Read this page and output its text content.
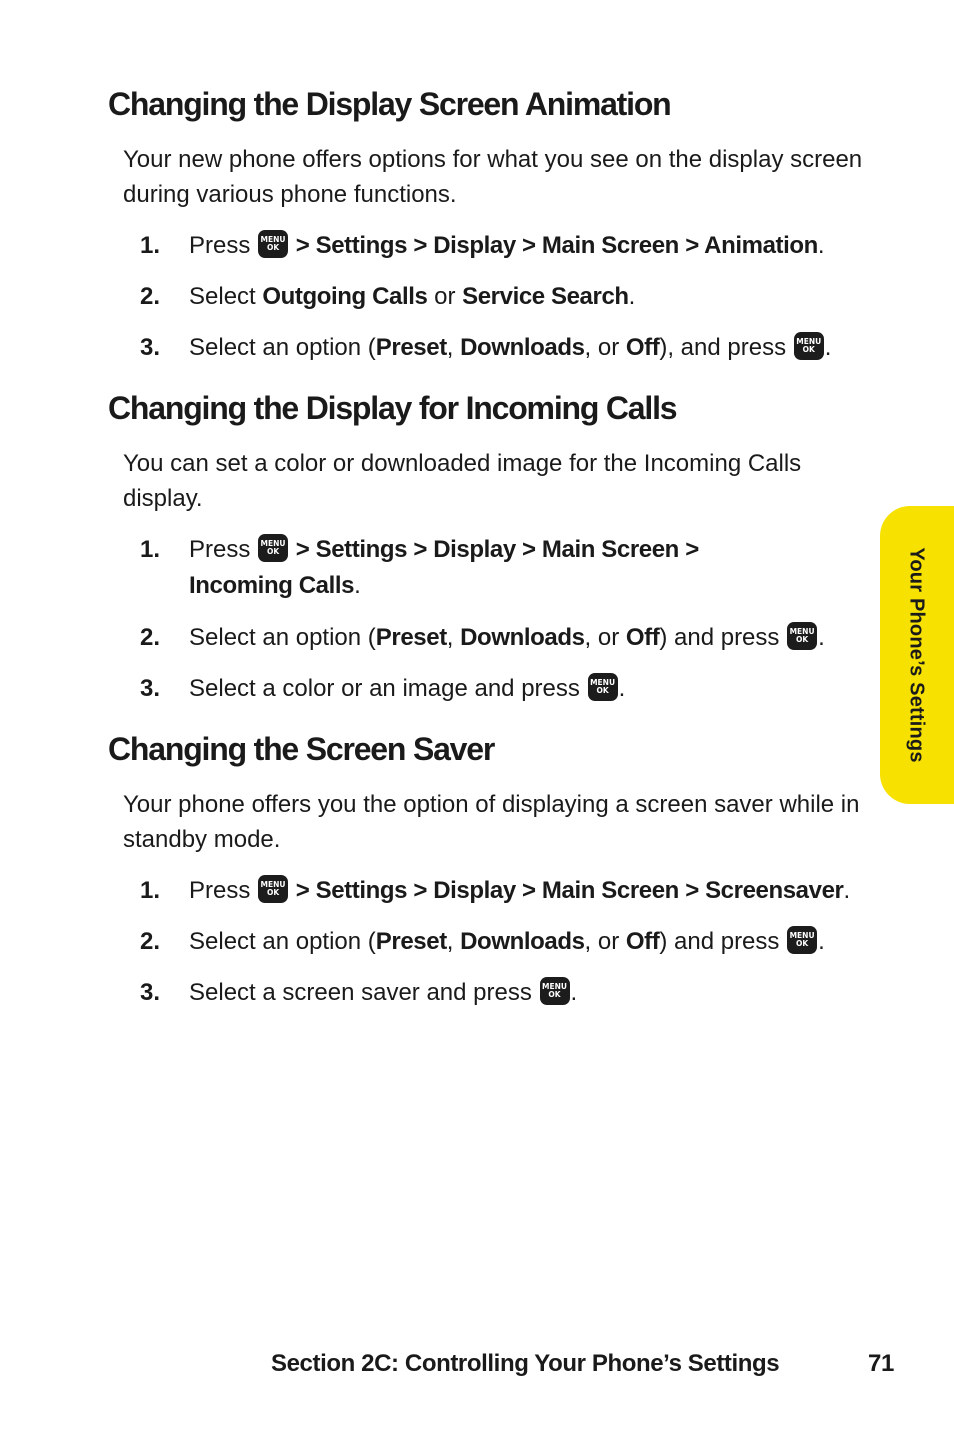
Changing the Display Screen Animation

Your new phone offers options for what you see on the display screen during various phone functions.

1. Press	MENU
OK > Settings > Display > Main Screen > Animation.
2. Select Outgoing Calls or Service Search.
3. Select an option (Preset, Downloads, or Off), and press	MENU
OK .
Changing the Display for Incoming Calls

You can set a color or downloaded image for the Incoming Calls display.

1. Press	MENU
OK > Settings > Display > Main Screen >
Incoming Calls.
2. Select an option (Preset, Downloads, or Off) and press	MENU
OK .
3. Select a color or an image and press	MENU
OK .
Changing the Screen Saver

Your phone offers you the option of displaying a screen saver while in standby mode.

1. Press	MENU
OK > Settings > Display > Main Screen > Screensaver.
2. Select an option (Preset, Downloads, or Off) and press	MENU
OK .
3. Select a screen saver and press	MENU
OK .
Your Phone’s Settings
Section 2C: Controlling Your Phone’s Settings	71
